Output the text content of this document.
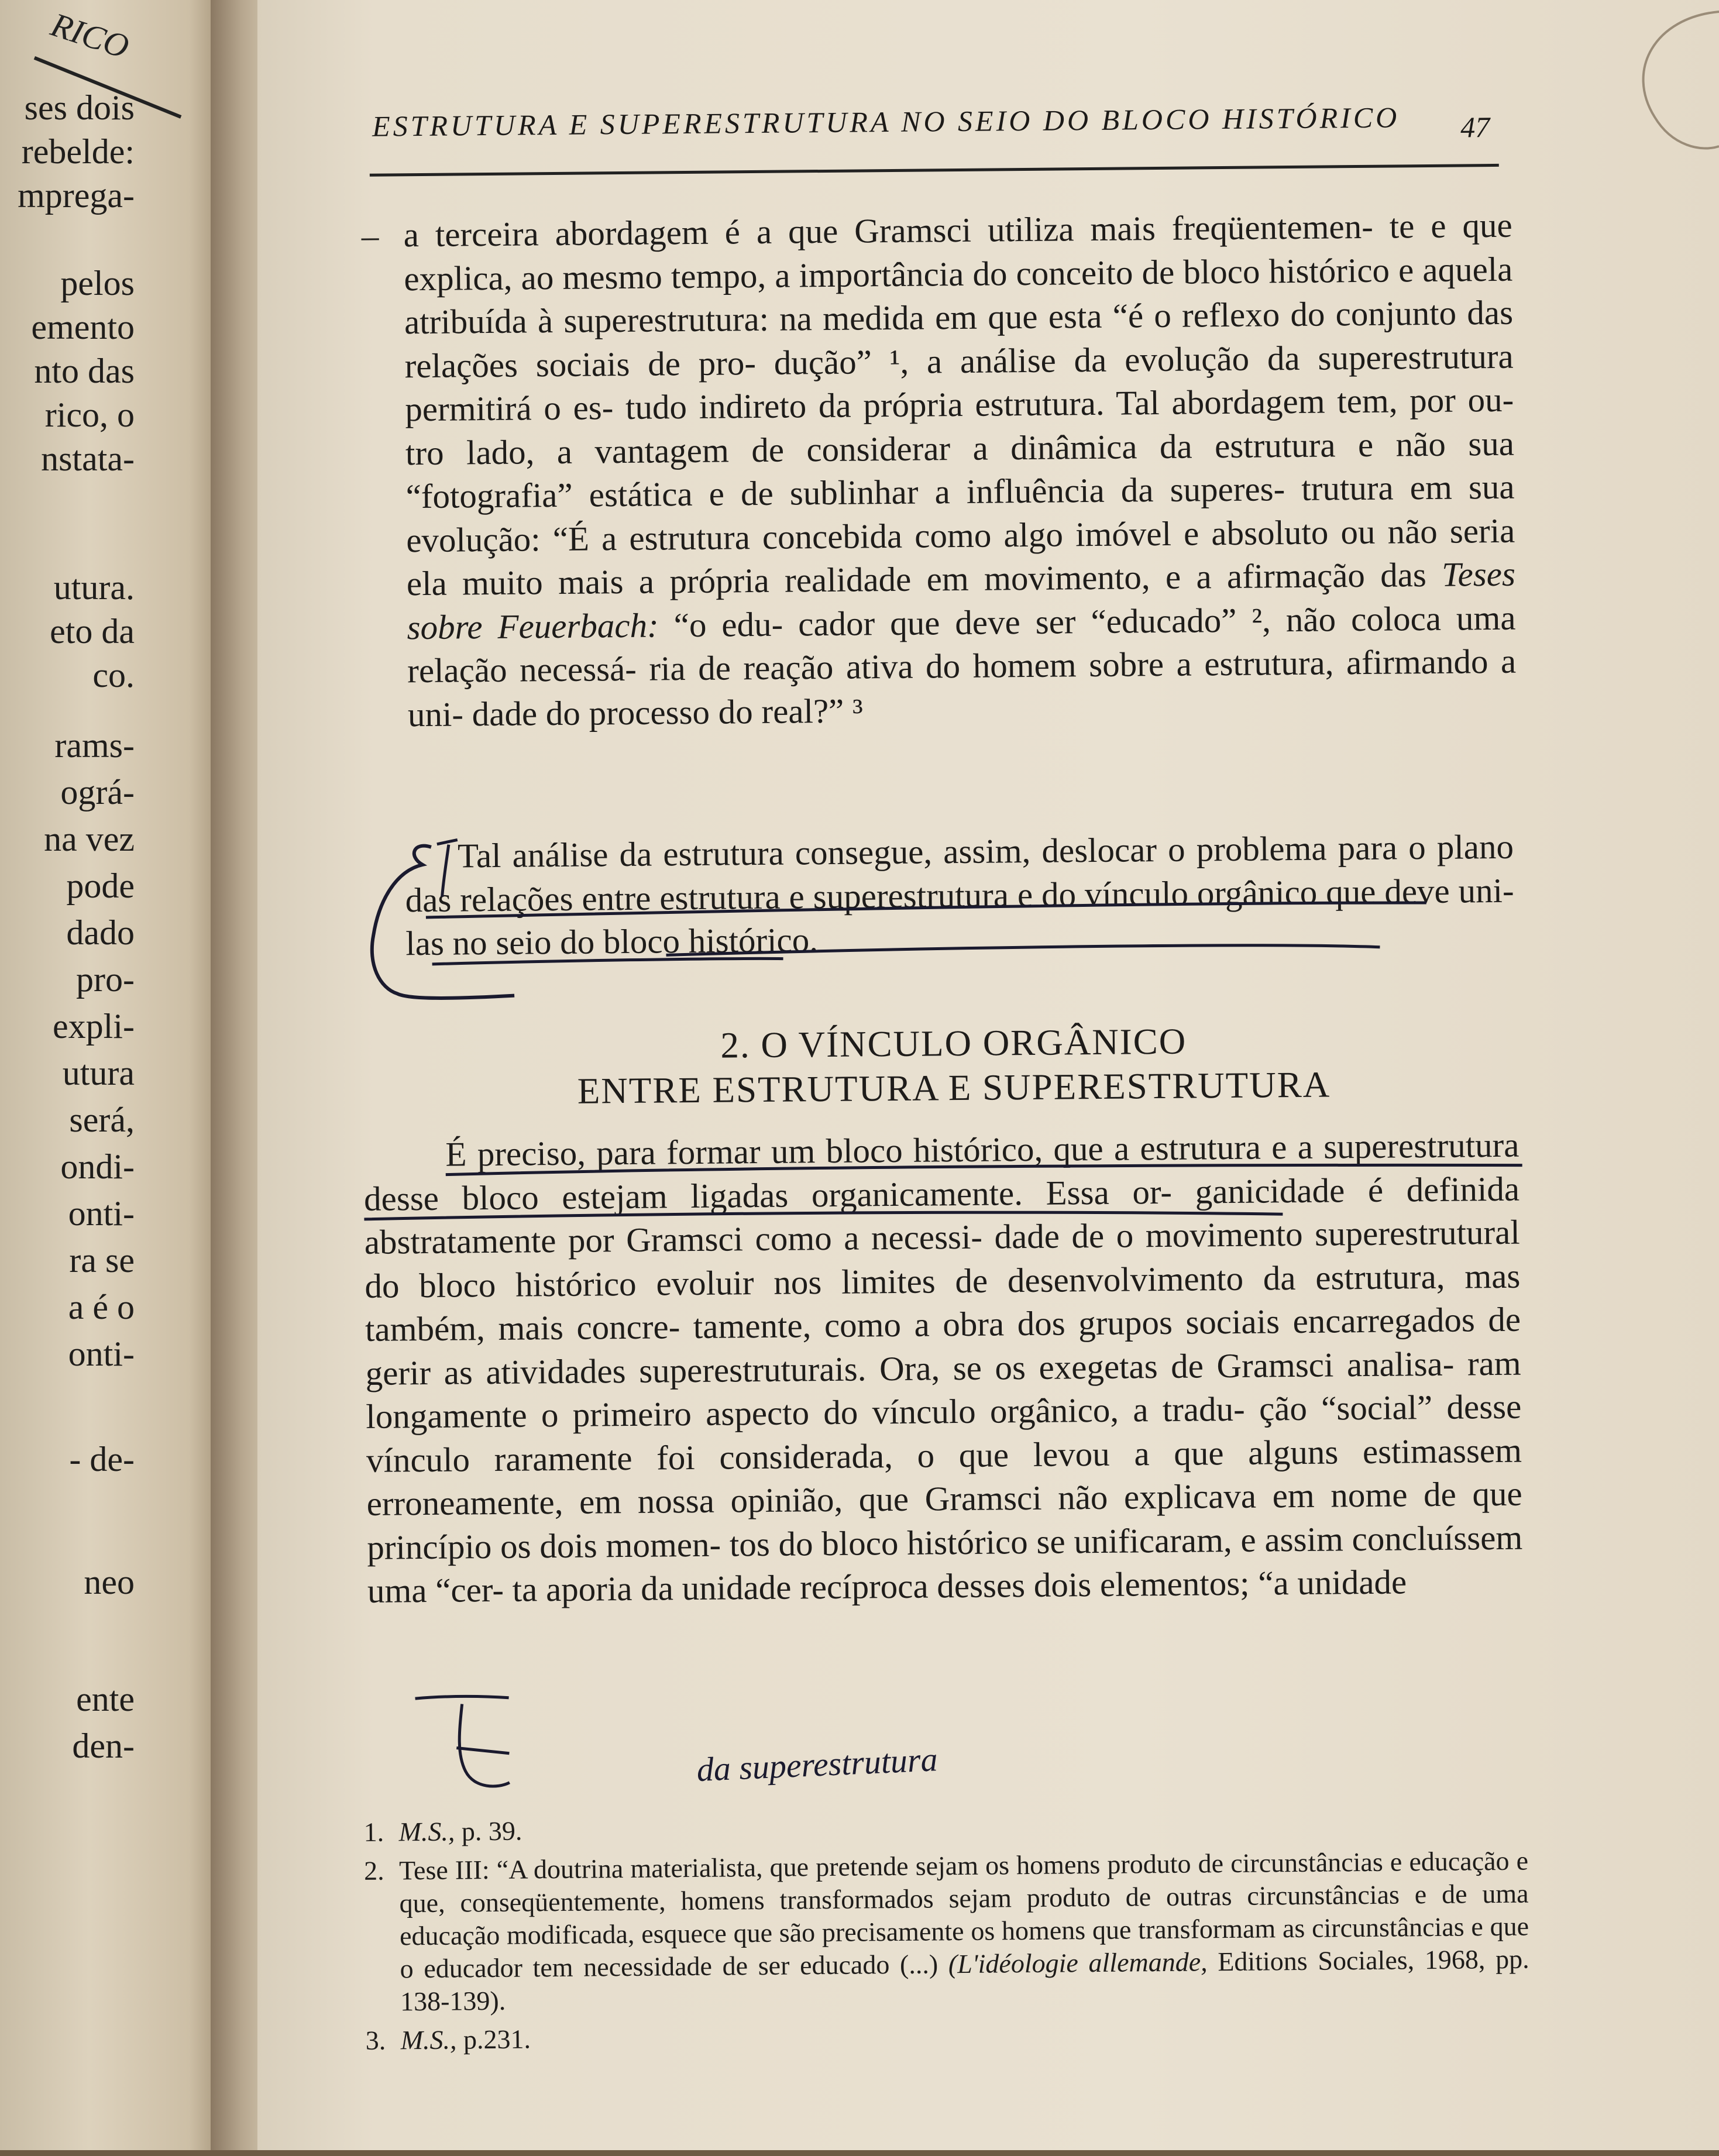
RICO
ses dois
rebelde:
mprega-
pelos
emento
nto das
rico, o
nstata-
utura.
eto da
co.
rams-
ográ-
na vez
pode
dado
pro-
expli-
utura
será,
ondi-
onti-
ra se
a é o
onti-
- de-
neo
ente
den-
ESTRUTURA E SUPERESTRUTURA NO SEIO DO BLOCO HISTÓRICO 47
– a terceira abordagem é a que Gramsci utiliza mais freqüentemen- te e que explica, ao mesmo tempo, a importância do conceito de bloco histórico e aquela atribuída à superestrutura: na medida em que esta “é o reflexo do conjunto das relações sociais de pro- dução” ¹, a análise da evolução da superestrutura permitirá o es- tudo indireto da própria estrutura. Tal abordagem tem, por ou- tro lado, a vantagem de considerar a dinâmica da estrutura e não sua “fotografia” estática e de sublinhar a influência da superes- trutura em sua evolução: “É a estrutura concebida como algo imóvel e absoluto ou não seria ela muito mais a própria realidade em movimento, e a afirmação das Teses sobre Feuerbach: “o edu- cador que deve ser “educado” ², não coloca uma relação necessá- ria de reação ativa do homem sobre a estrutura, afirmando a uni- dade do processo do real?” ³

Tal análise da estrutura consegue, assim, deslocar o problema para o plano das relações entre estrutura e superestrutura e do vínculo orgânico que deve uni-las no seio do bloco histórico.

2. O VÍNCULO ORGÂNICO
ENTRE ESTRUTURA E SUPERESTRUTURA

É preciso, para formar um bloco histórico, que a estrutura e a superestrutura desse bloco estejam ligadas organicamente. Essa or- ganicidade é definida abstratamente por Gramsci como a necessi- dade de o movimento superestrutural do bloco histórico evoluir nos limites de desenvolvimento da estrutura, mas também, mais concre- tamente, como a obra dos grupos sociais encarregados de gerir as atividades superestruturais. Ora, se os exegetas de Gramsci analisa- ram longamente o primeiro aspecto do vínculo orgânico, a tradu- ção “social” desse vínculo raramente foi considerada, o que levou a que alguns estimassem erroneamente, em nossa opinião, que Gramsci não explicava em nome de que princípio os dois momen- tos do bloco histórico se unificaram, e assim concluíssem uma “cer- ta aporia da unidade recíproca desses dois elementos; “a unidade

da superestrutura
1. M.S., p. 39.
2. Tese III: “A doutrina materialista, que pretende sejam os homens produto de circunstâncias e educação e que, conseqüentemente, homens transformados sejam produto de outras circunstâncias e de uma educação modificada, esquece que são precisamente os homens que transformam as circunstâncias e que o educador tem necessidade de ser educado (...) (L'idéologie allemande, Editions Sociales, 1968, pp. 138-139).
3. M.S., p.231.
